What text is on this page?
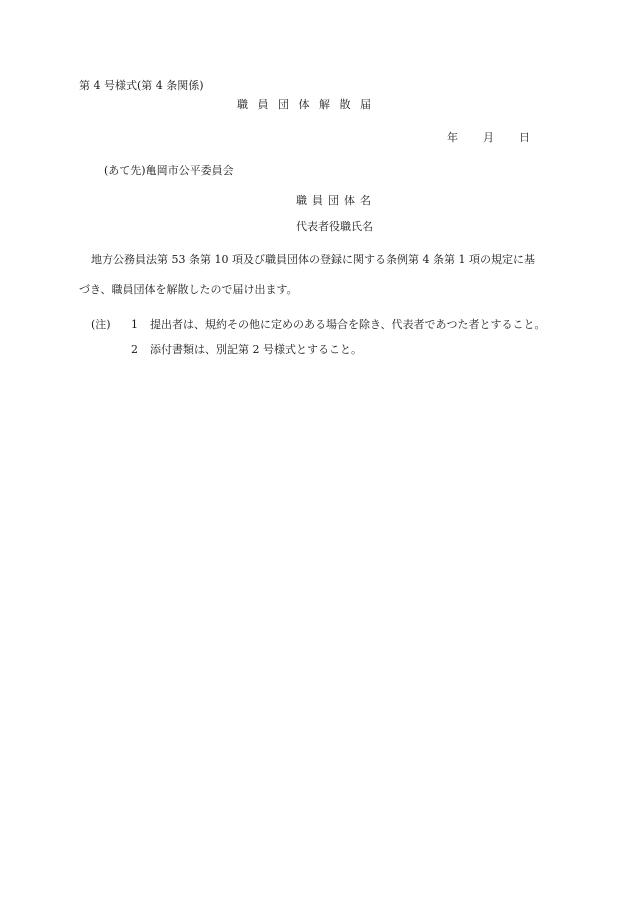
第 4 号様式(第 4 条関係)
職員団体解散届
年 月 日
(あて先)亀岡市公平委員会
職員団体名
代表者役職氏名
地方公務員法第 53 条第 10 項及び職員団体の登録に関する条例第 4 条第 1 項の規定に基
づき、職員団体を解散したので届け出ます。
(注) 1 提出者は、規約その他に定めのある場合を除き、代表者であつた者とすること。
2 添付書類は、別記第 2 号様式とすること。
